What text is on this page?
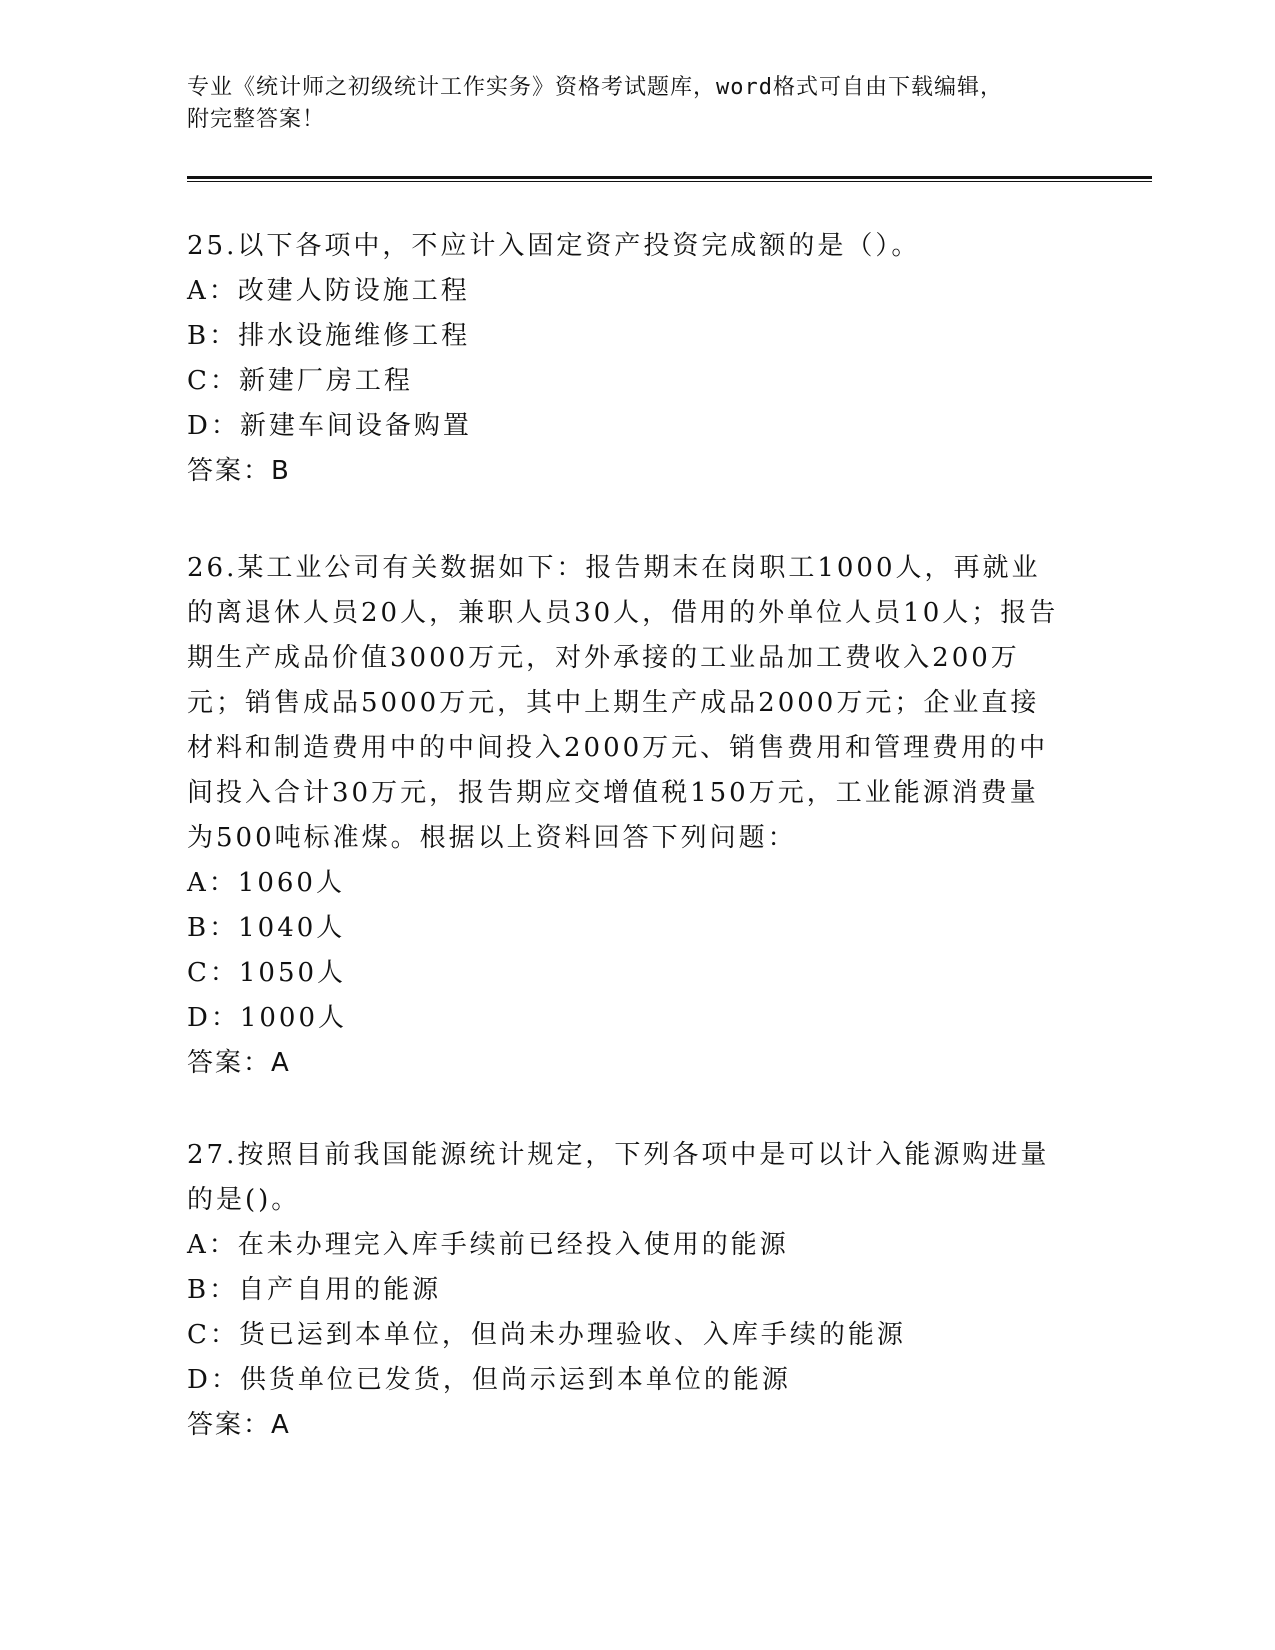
专业《统计师之初级统计工作实务》资格考试题库，word格式可自由下载编辑，
附完整答案！

25.以下各项中，不应计入固定资产投资完成额的是（）。

A：改建人防设施工程

B：排水设施维修工程

C：新建厂房工程

D：新建车间设备购置

答案：B

26.某工业公司有关数据如下：报告期末在岗职工1000人，再就业的离退休人员20人，兼职人员30人，借用的外单位人员10人；报告期生产成品价值3000万元，对外承接的工业品加工费收入200万元；销售成品5000万元，其中上期生产成品2000万元；企业直接材料和制造费用中的中间投入2000万元、销售费用和管理费用的中间投入合计30万元，报告期应交增值税150万元，工业能源消费量为500吨标准煤。根据以上资料回答下列问题：

A：1060人

B：1040人

C：1050人

D：1000人

答案：A

27.按照目前我国能源统计规定，下列各项中是可以计入能源购进量的是()。

A：在未办理完入库手续前已经投入使用的能源

B：自产自用的能源

C：货已运到本单位，但尚未办理验收、入库手续的能源

D：供货单位已发货，但尚示运到本单位的能源

答案：A
